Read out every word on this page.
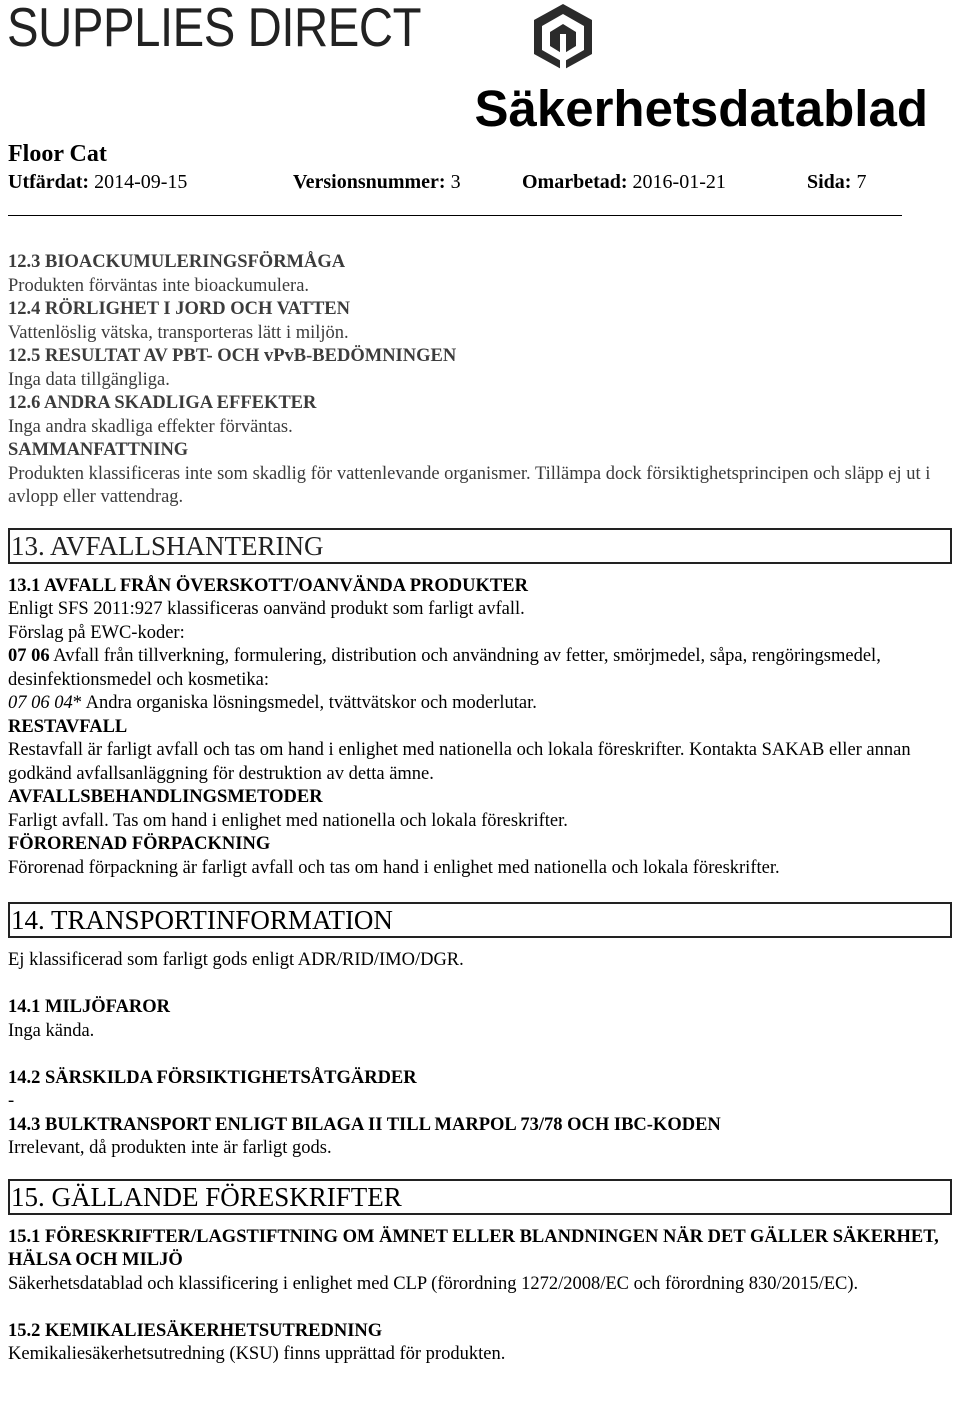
SUPPLIES DIRECT
Säkerhetsdatablad
Floor Cat
Utfärdat: 2014-09-15	Versionsnummer: 3	Omarbetad: 2016-01-21	Sida: 7

12.3 BIOACKUMULERINGSFÖRMÅGA

Produkten förväntas inte bioackumulera.

12.4 RÖRLIGHET I JORD OCH VATTEN

Vattenlöslig vätska, transporteras lätt i miljön.

12.5 RESULTAT AV PBT- OCH vPvB-BEDÖMNINGEN

Inga data tillgängliga.

12.6 ANDRA SKADLIGA EFFEKTER

Inga andra skadliga effekter förväntas.

SAMMANFATTNING

Produkten klassificeras inte som skadlig för vattenlevande organismer. Tillämpa dock försiktighetsprincipen och släpp ej ut i avlopp eller vattendrag.

13. AVFALLSHANTERING

13.1 AVFALL FRÅN ÖVERSKOTT/OANVÄNDA PRODUKTER

Enligt SFS 2011:927 klassificeras oanvänd produkt som farligt avfall.

Förslag på EWC-koder:

07 06 Avfall från tillverkning, formulering, distribution och användning av fetter, smörjmedel, såpa, rengöringsmedel, desinfektionsmedel och kosmetika:

07 06 04* Andra organiska lösningsmedel, tvättvätskor och moderlutar.

RESTAVFALL

Restavfall är farligt avfall och tas om hand i enlighet med nationella och lokala föreskrifter. Kontakta SAKAB eller annan godkänd avfallsanläggning för destruktion av detta ämne.

AVFALLSBEHANDLINGSMETODER

Farligt avfall. Tas om hand i enlighet med nationella och lokala föreskrifter.

FÖRORENAD FÖRPACKNING

Förorenad förpackning är farligt avfall och tas om hand i enlighet med nationella och lokala föreskrifter.

14. TRANSPORTINFORMATION

Ej klassificerad som farligt gods enligt ADR/RID/IMO/DGR.

14.1 MILJÖFAROR

Inga kända.

14.2 SÄRSKILDA FÖRSIKTIGHETSÅTGÄRDER

-

14.3 BULKTRANSPORT ENLIGT BILAGA II TILL MARPOL 73/78 OCH IBC-KODEN

Irrelevant, då produkten inte är farligt gods.

15. GÄLLANDE FÖRESKRIFTER

15.1 FÖRESKRIFTER/LAGSTIFTNING OM ÄMNET ELLER BLANDNINGEN NÄR DET GÄLLER SÄKERHET, HÄLSA OCH MILJÖ

Säkerhetsdatablad och klassificering i enlighet med CLP (förordning 1272/2008/EC och förordning 830/2015/EC).

15.2 KEMIKALIESÄKERHETSUTREDNING

Kemikaliesäkerhetsutredning (KSU) finns upprättad för produkten.
